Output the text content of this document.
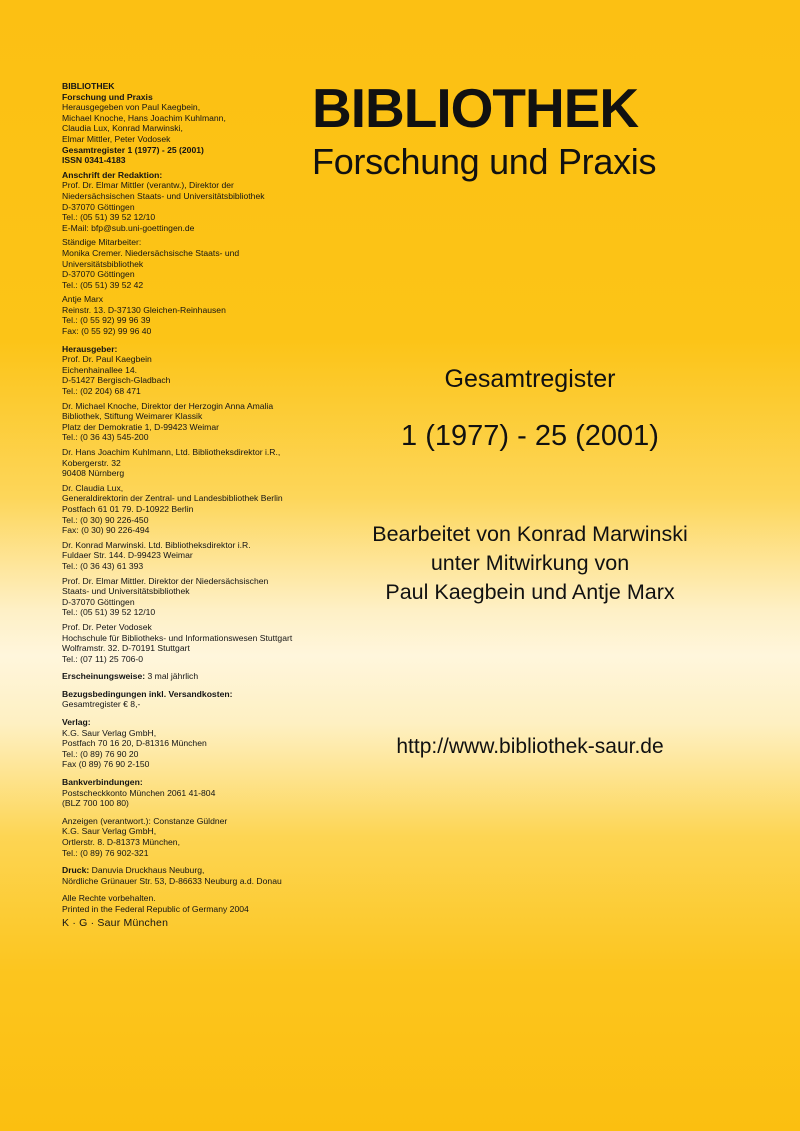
BIBLIOTHEK
Forschung und Praxis
Gesamtregister
1 (1977) - 25 (2001)
Bearbeitet von Konrad Marwinski
unter Mitwirkung von
Paul Kaegbein und Antje Marx
http://www.bibliothek-saur.de
BIBLIOTHEK
Forschung und Praxis
Herausgegeben von Paul Kaegbein,
Michael Knoche, Hans Joachim Kuhlmann,
Claudia Lux, Konrad Marwinski,
Elmar Mittler, Peter Vodosek
Gesamtregister 1 (1977) - 25 (2001)
ISSN 0341-4183
Anschrift der Redaktion:
Prof. Dr. Elmar Mittler (verantw.), Direktor der
Niedersächsischen Staats- und Universitätsbibliothek
D-37070 Göttingen
Tel.: (05 51) 39 52 12/10
E-Mail: bfp@sub.uni-goettingen.de
Ständige Mitarbeiter:
Monika Cremer. Niedersächsische Staats- und
Universitätsbibliothek
D-37070 Göttingen
Tel.: (05 51) 39 52 42
Antje Marx
Reinstr. 13. D-37130 Gleichen-Reinhausen
Tel.: (0 55 92) 99 96 39
Fax: (0 55 92) 99 96 40
Herausgeber:
Prof. Dr. Paul Kaegbein
Eichenhainallee 14.
D-51427 Bergisch-Gladbach
Tel.: (02 204) 68 471
Dr. Michael Knoche, Direktor der Herzogin Anna Amalia
Bibliothek, Stiftung Weimarer Klassik
Platz der Demokratie 1, D-99423 Weimar
Tel.: (0 36 43) 545-200
Dr. Hans Joachim Kuhlmann, Ltd. Bibliotheksdirektor i.R.,
Kobergerstr. 32
90408 Nürnberg
Dr. Claudia Lux,
Generaldirektorin der Zentral- und Landesbibliothek Berlin
Postfach 61 01 79. D-10922 Berlin
Tel.: (0 30) 90 226-450
Fax: (0 30) 90 226-494
Dr. Konrad Marwinski. Ltd. Bibliotheksdirektor i.R.
Fuldaer Str. 144. D-99423 Weimar
Tel.: (0 36 43) 61 393
Prof. Dr. Elmar Mittler. Direktor der Niedersächsischen
Staats- und Universitätsbibliothek
D-37070 Göttingen
Tel.: (05 51) 39 52 12/10
Prof. Dr. Peter Vodosek
Hochschule für Bibliotheks- und Informationswesen Stuttgart
Wolframstr. 32. D-70191 Stuttgart
Tel.: (07 11) 25 706-0
Erscheinungsweise: 3 mal jährlich
Bezugsbedingungen inkl. Versandkosten:
Gesamtregister € 8,-
Verlag:
K.G. Saur Verlag GmbH,
Postfach 70 16 20, D-81316 München
Tel.: (0 89) 76 90 20
Fax (0 89) 76 90 2-150
Bankverbindungen:
Postscheckkonto München 2061 41-804
(BLZ 700 100 80)
Anzeigen (verantwort.): Constanze Güldner
K.G. Saur Verlag GmbH,
Ortlerstr. 8. D-81373 München,
Tel.: (0 89) 76 902-321
Druck: Danuvia Druckhaus Neuburg,
Nördliche Grünauer Str. 53, D-86633 Neuburg a.d. Donau
Alle Rechte vorbehalten.
Printed in the Federal Republic of Germany 2004
K · G · Saur München
